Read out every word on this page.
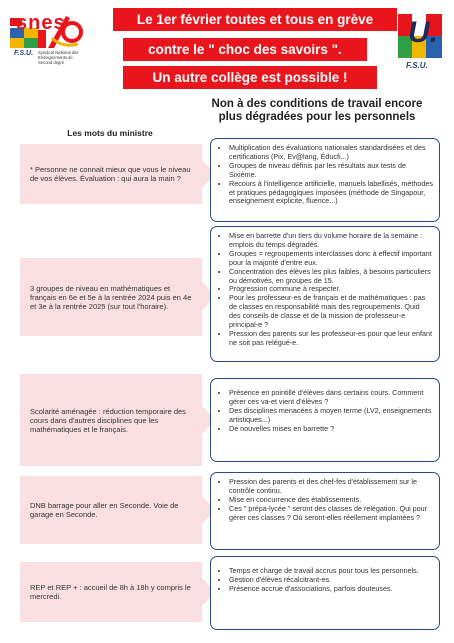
snes
F.S.U. Syndicat National des Enseignements de Second degré
Le 1er février toutes et tous en grève
contre le " choc des savoirs ".
Un autre collège est possible !
U.
F.S.U.
Non à des conditions de travail encore plus dégradées pour les personnels
Les mots du ministre
* Personne ne connait mieux que vous le niveau de vos élèves. Évaluation : qui aura la main ?
• Multiplication des évaluations nationales standardisées et des certifications (Pix, Ev@lang, Éducfi...)
• Groupes de niveau définis par les résultats aux tests de Sixième.
• Recours à l'intelligence artificielle, manuels labellisés, méthodes et pratiques pédagogiques imposées (méthode de Singapour, enseignement explicite, fluence...)
3 groupes de niveau en mathématiques et français en 6e et 5e à la rentrée 2024 puis en 4e et 3e à la rentrée 2025 (sur tout l'horaire).
• Mise en barrette d'un tiers du volume horaire de la semaine : emplois du temps dégradés.
• Groupes = regroupements interclasses donc à effectif important pour la majorité d'entre eux.
• Concentration des élèves les plus faibles, à besoins particuliers ou démotivés, en groupes de 15.
• Progression commune à respecter.
• Pour les professeur-es de français et de mathématiques : pas de classes en responsabilité mais des regroupements. Quid des conseils de classe et de la mission de professeur-e principal-e ?
• Pression des parents sur les professeur-es pour que leur enfant ne soit pas relégué-e.
Scolarité aménagée : réduction temporaire des cours dans d'autres disciplines que les mathématiques et le français.
• Présence en pointillé d'élèves dans certains cours. Comment gérer ces va-et vient d'élèves ?
• Des disciplines menacées à moyen terme (LV2, enseignements artistiques...)
• De nouvelles mises en barrette ?
DNB barrage pour aller en Seconde. Voie de garage en Seconde.
• Pression des parents et des chef-fes d'établissement sur le contrôle continu.
• Mise en concurrence des établissements.
• Ces " prépa-lycée " seront des classes de relégation. Qui pour gérer ces classes ? Où seront-elles réellement implantées ?
REP et REP + : accueil de 8h à 18h y compris le mercredi.
• Temps et charge de travail accrus pour tous les personnels.
• Gestion d'élèves récalcitrant-es.
• Présence accrue d'associations, parfois douteuses.
